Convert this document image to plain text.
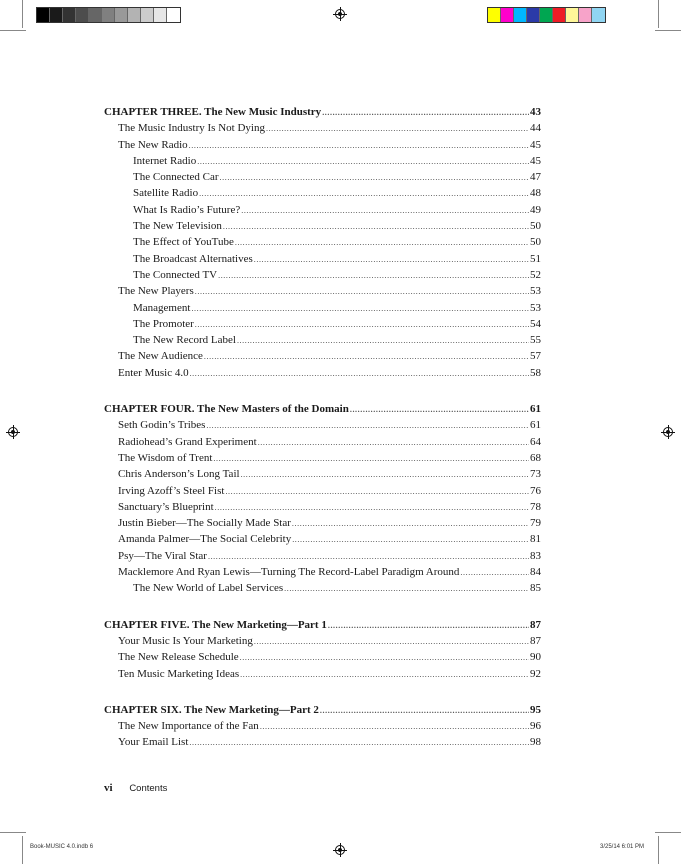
CHAPTER THREE. The New Music Industry .....	43
The Music Industry Is Not Dying .....	44
The New Radio .....	45
Internet Radio .....	45
The Connected Car .....	47
Satellite Radio .....	48
What Is Radio’s Future? .....	49
The New Television .....	50
The Effect of YouTube .....	50
The Broadcast Alternatives .....	51
The Connected TV .....	52
The New Players .....	53
Management .....	53
The Promoter .....	54
The New Record Label .....	55
The New Audience .....	57
Enter Music 4.0 .....	58
CHAPTER FOUR. The New Masters of the Domain .....	61
Seth Godin’s Tribes .....	61
Radiohead’s Grand Experiment .....	64
The Wisdom of Trent .....	68
Chris Anderson’s Long Tail .....	73
Irving Azoff’s Steel Fist .....	76
Sanctuary’s Blueprint .....	78
Justin Bieber—The Socially Made Star .....	79
Amanda Palmer—The Social Celebrity .....	81
Psy—The Viral Star .....	83
Macklemore And Ryan Lewis—Turning The Record-Label Paradigm Around .....	84
The New World of Label Services .....	85
CHAPTER FIVE. The New Marketing—Part 1 .....	87
Your Music Is Your Marketing .....	87
The New Release Schedule .....	90
Ten Music Marketing Ideas .....	92
CHAPTER SIX. The New Marketing—Part 2 .....	95
The New Importance of the Fan .....	96
Your Email List .....	98
vi Contents
Book-MUSIC 4.0.indb 6	3/25/14 6:01 PM
